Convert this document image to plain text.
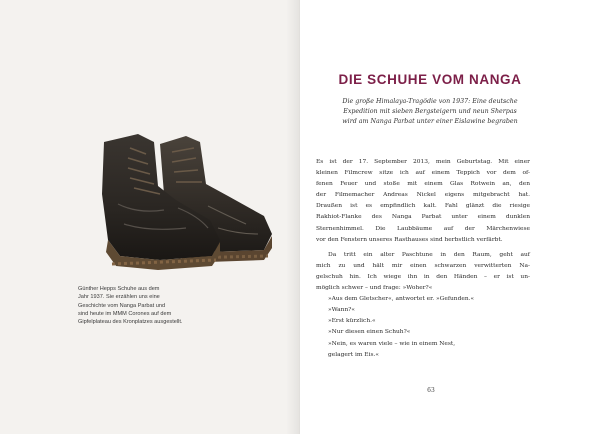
Günther Hepps Schuhe aus dem
Jahr 1937. Sie erzählen uns eine
Geschichte vom Nanga Parbat und
sind heute im MMM Corones auf dem
Gipfelplateau des Kronplatzes ausgestellt.
DIE SCHUHE VOM NANGA
Die große Himalaya-Tragödie von 1937: Eine deutsche
Expedition mit sieben Bergsteigern und neun Sherpas
wird am Nanga Parbat unter einer Eislawine begraben
Es ist der 17. September 2013, mein Geburtstag. Mit einer
kleinen Filmcrew sitze ich auf einem Teppich vor dem of-
fenen Feuer und stoße mit einem Glas Rotwein an, den
der Filmemacher Andreas Nickel eigens mitgebracht hat.
Draußen ist es empfindlich kalt. Fahl glänzt die riesige
Rakhiot-Flanke des Nanga Parbat unter einem dunklen
Sternenhimmel. Die Laubbäume auf der Märchenwiese
vor den Fenstern unseres Rasthauses sind herbstlich verfärbt.
Da tritt ein alter Paschtune in den Raum, geht auf
mich zu und hält mir einen schwarzen verwitterten Na-
gelschuh hin. Ich wiege ihn in den Händen – er ist un-
möglich schwer – und frage: »Woher?«
»Aus dem Gletscher«, antwortet er. »Gefunden.«
»Wann?«
»Erst kürzlich.«
»Nur diesen einen Schuh?«
»Nein, es waren viele – wie in einem Nest,
gelagert im Eis.«
63
